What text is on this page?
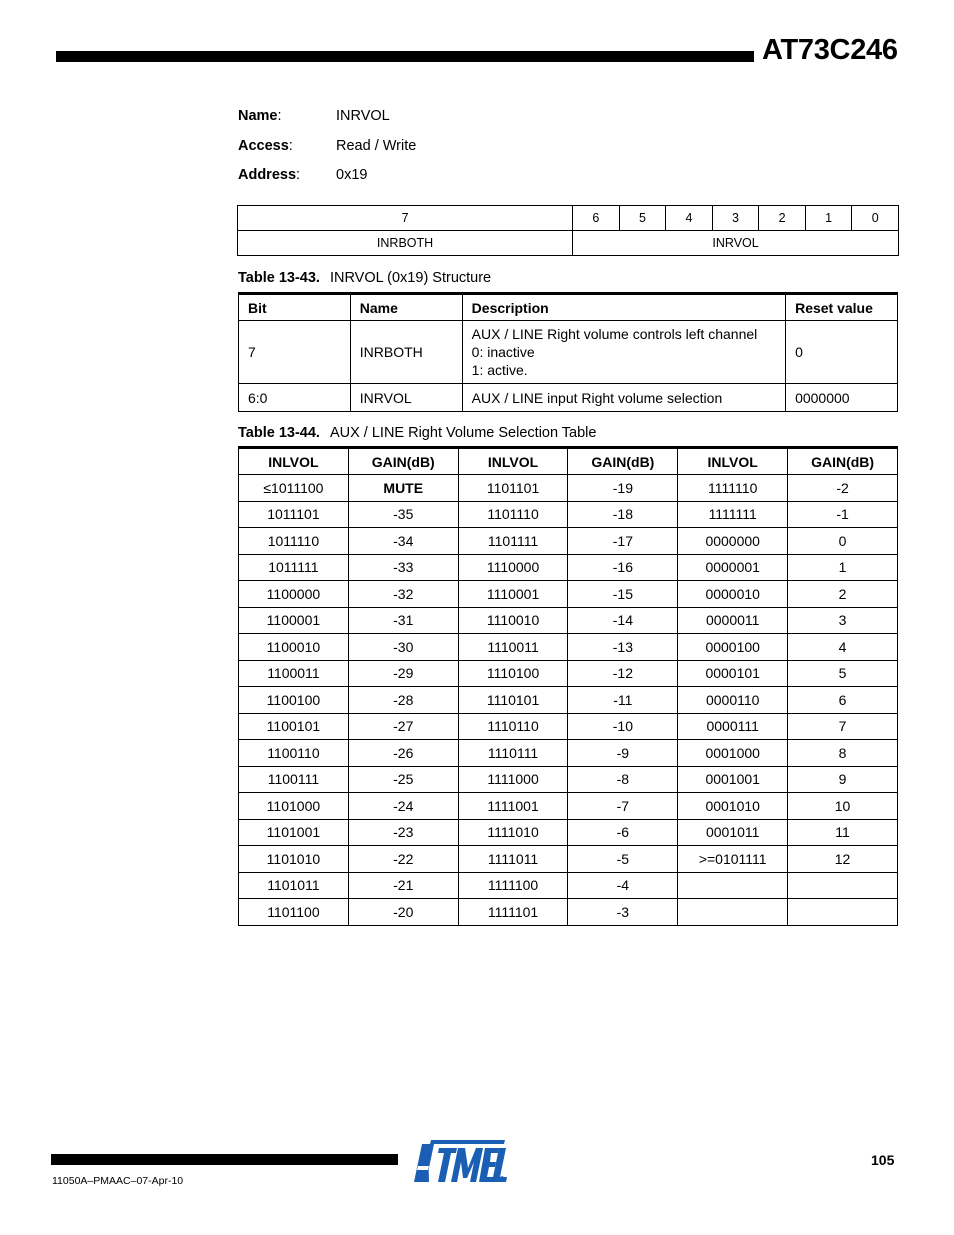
AT73C246
Name:	INRVOL
Access:	Read / Write
Address: 0x19
7	6	5	4	3	2	1	0
INRBOTH	INRVOL						
Table 13-43. INRVOL (0x19) Structure
Bit	Name	Description	Reset value
7	INRBOTH	AUX / LINE Right volume controls left channel
0: inactive
1: active.	0
6:0	INRVOL	AUX / LINE input Right volume selection	0000000
Table 13-44. AUX / LINE Right Volume Selection Table
INLVOL	GAIN(dB)	INLVOL	GAIN(dB)	INLVOL	GAIN(dB)
≤1011100	MUTE	1101101	-19	1111110	-2
1011101	-35	1101110	-18	1111111	-1
1011110	-34	1101111	-17	0000000	0
1011111	-33	1110000	-16	0000001	1
1100000	-32	1110001	-15	0000010	2
1100001	-31	1110010	-14	0000011	3
1100010	-30	1110011	-13	0000100	4
1100011	-29	1110100	-12	0000101	5
1100100	-28	1110101	-11	0000110	6
1100101	-27	1110110	-10	0000111	7
1100110	-26	1110111	-9	0001000	8
1100111	-25	1111000	-8	0001001	9
1101000	-24	1111001	-7	0001010	10
1101001	-23	1111010	-6	0001011	11
1101010	-22	1111011	-5	>=0101111	12
1101011	-21	1111100	-4		
1101100	-20	1111101	-3		
R
105
11050A–PMAAC–07-Apr-10
